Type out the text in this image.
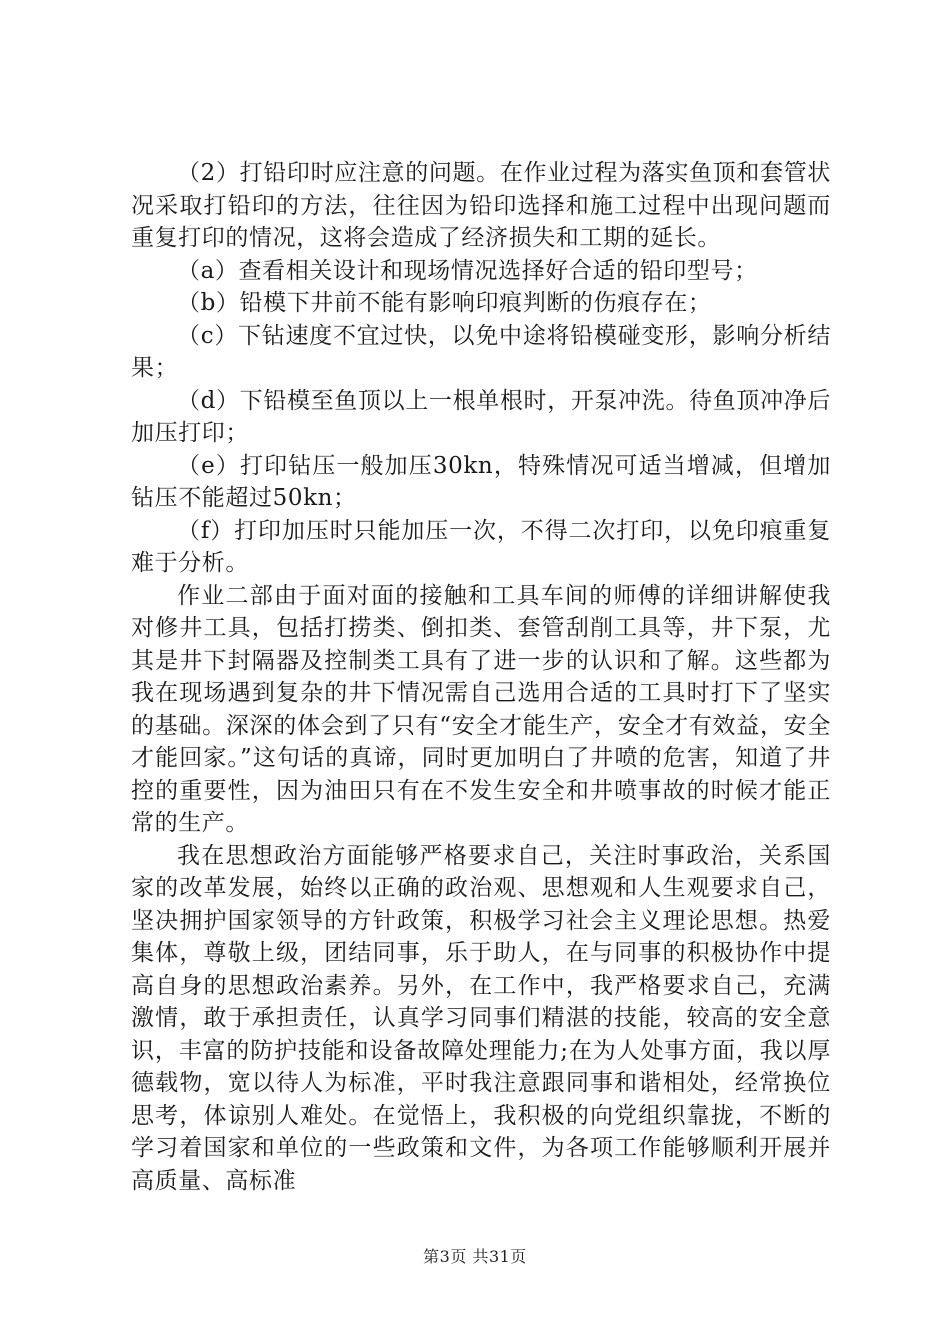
（2）打铅印时应注意的问题。在作业过程为落实鱼顶和套管状况采取打铅印的方法，往往因为铅印选择和施工过程中出现问题而重复打印的情况，这将会造成了经济损失和工期的延长。

（a）查看相关设计和现场情况选择好合适的铅印型号；

（b）铅模下井前不能有影响印痕判断的伤痕存在；

（c）下钻速度不宜过快，以免中途将铅模碰变形，影响分析结果；

（d）下铅模至鱼顶以上一根单根时，开泵冲洗。待鱼顶冲净后加压打印；

（e）打印钻压一般加压30kn，特殊情况可适当增减，但增加钻压不能超过50kn；

（f）打印加压时只能加压一次，不得二次打印，以免印痕重复难于分析。

作业二部由于面对面的接触和工具车间的师傅的详细讲解使我对修井工具，包括打捞类、倒扣类、套管刮削工具等，井下泵，尤其是井下封隔器及控制类工具有了进一步的认识和了解。这些都为我在现场遇到复杂的井下情况需自己选用合适的工具时打下了坚实的基础。深深的体会到了只有“安全才能生产，安全才有效益，安全才能回家。”这句话的真谛，同时更加明白了井喷的危害，知道了井控的重要性，因为油田只有在不发生安全和井喷事故的时候才能正常的生产。

我在思想政治方面能够严格要求自己，关注时事政治，关系国家的改革发展，始终以正确的政治观、思想观和人生观要求自己，坚决拥护国家领导的方针政策，积极学习社会主义理论思想。热爱集体，尊敬上级，团结同事，乐于助人，在与同事的积极协作中提高自身的思想政治素养。另外，在工作中，我严格要求自己，充满激情，敢于承担责任，认真学习同事们精湛的技能，较高的安全意识，丰富的防护技能和设备故障处理能力;在为人处事方面，我以厚德载物，宽以待人为标准，平时我注意跟同事和谐相处，经常换位思考，体谅别人难处。在觉悟上，我积极的向党组织靠拢，不断的学习着国家和单位的一些政策和文件，为各项工作能够顺利开展并高质量、高标准

第3页 共31页
